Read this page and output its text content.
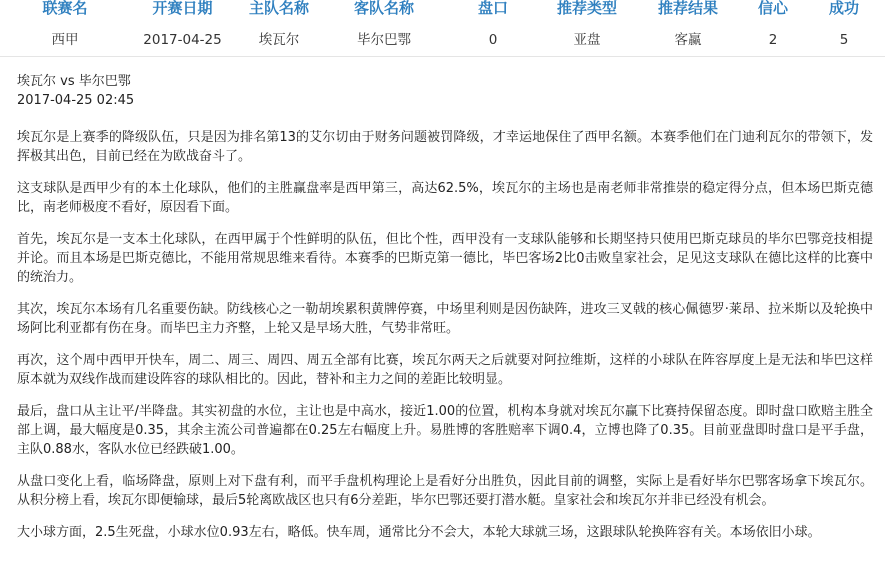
联赛名	开赛日期	主队名称	客队名称	盘口	推荐类型	推荐结果	信心	成功
西甲	2017-04-25	埃瓦尔	毕尔巴鄂	0	亚盘	客赢	2	5
埃瓦尔 vs 毕尔巴鄂
2017-04-25 02:45

埃瓦尔是上赛季的降级队伍，只是因为排名第13的艾尔切由于财务问题被罚降级，才幸运地保住了西甲名额。本赛季他们在门迪利瓦尔的带领下，发挥极其出色，目前已经在为欧战奋斗了。

这支球队是西甲少有的本土化球队，他们的主胜赢盘率是西甲第三，高达62.5%，埃瓦尔的主场也是南老师非常推崇的稳定得分点，但本场巴斯克德比，南老师极度不看好，原因看下面。

首先，埃瓦尔是一支本土化球队，在西甲属于个性鲜明的队伍，但比个性，西甲没有一支球队能够和长期坚持只使用巴斯克球员的毕尔巴鄂竞技相提并论。而且本场是巴斯克德比，不能用常规思维来看待。本赛季的巴斯克第一德比，毕巴客场2比0击败皇家社会，足见这支球队在德比这样的比赛中的统治力。

其次，埃瓦尔本场有几名重要伤缺。防线核心之一勒胡埃累积黄牌停赛，中场里利则是因伤缺阵，进攻三叉戟的核心佩德罗·莱昂、拉米斯以及轮换中场阿比利亚都有伤在身。而毕巴主力齐整，上轮又是早场大胜，气势非常旺。

再次，这个周中西甲开快车，周二、周三、周四、周五全部有比赛，埃瓦尔两天之后就要对阿拉维斯，这样的小球队在阵容厚度上是无法和毕巴这样原本就为双线作战而建设阵容的球队相比的。因此，替补和主力之间的差距比较明显。

最后，盘口从主让平/半降盘。其实初盘的水位，主让也是中高水，接近1.00的位置，机构本身就对埃瓦尔赢下比赛持保留态度。即时盘口欧赔主胜全部上调，最大幅度是0.35，其余主流公司普遍都在0.25左右幅度上升。易胜博的客胜赔率下调0.4，立博也降了0.35。目前亚盘即时盘口是平手盘，主队0.88水，客队水位已经跌破1.00。

从盘口变化上看，临场降盘，原则上对下盘有利，而平手盘机构理论上是看好分出胜负，因此目前的调整，实际上是看好毕尔巴鄂客场拿下埃瓦尔。从积分榜上看，埃瓦尔即便输球，最后5轮离欧战区也只有6分差距，毕尔巴鄂还要打潜水艇。皇家社会和埃瓦尔并非已经没有机会。

大小球方面，2.5生死盘，小球水位0.93左右，略低。快车周，通常比分不会大，本轮大球就三场，这跟球队轮换阵容有关。本场依旧小球。
